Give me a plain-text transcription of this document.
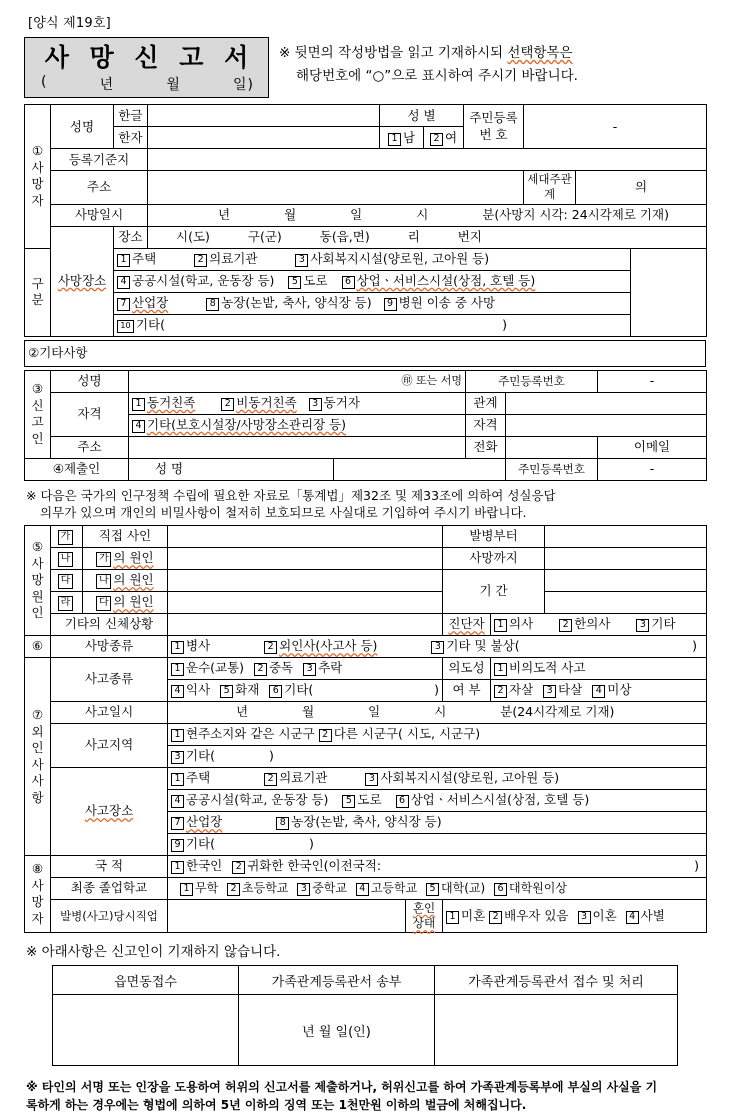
[양식 제19호]
사 망 신 고 서
(	년	월	일)
※ 뒷면의 작성방법을 읽고 기재하시되 선택항목은
해당번호에 “○”으로 표시하여 주시기 바랍니다.
①
사
망
자
	성명	한글		성 별	주민등록
번 호
	-
		한자		1 남	2 여			
	등록기준지							
	주소						세대주관계	의
	사망일시		년 월 일 시 분(사망지 시각: 24시각제로 기재)					
	사망장소	장소	시(도) 구(군) 동(읍,면) 리 번지					
구분		1 주택 2 의료기관 3 사회복지시설(양로원, 고아원 등)						
		4 공공시설(학교, 운동장 등) 5 도로 6 상업ㆍ서비스시설(상점, 호텔 등)						
		7 산업장 8 농장(논밭, 축사, 양식장 등) 9 병원 이송 중 사망						
		10 기타( )						
②기타사항
③
신
고
인	성명	㊞ 또는 서명		주민등록번호		-	
	자격	1 동거친족 2 비동거친족 3 동거자		관계			
		4 기타(보호시설장/사망장소관리장 등)		자격			
	주소			전화		이메일	
④제출인		성 명			주민등록번호	-	
※ 다음은 국가의 인구정책 수립에 필요한 자료로「통계법」제32조 및 제33조에 의하여 성실응답
의무가 있으며 개인의 비밀사항이 철저히 보호되므로 사실대로 기입하여 주시기 바랍니다.
⑤
사
망
원
인	가	직접 사인			발병부터		
	나	가 의 원인			사망까지		
	다	나 의 원인			기 간		
	라	다 의 원인					
	기타의 신체상황				진단자	1 의사 2 한의사 3 기타	
⑥	사망종류		1 병사 2 외인사(사고사 등) 3 기타 및 불상( )				

⑦
외
인
사
사
항
	사고종류	1 운수(교통) 2 중독 3 추락	의도성	1 비의도적 사고
			4 익사 5 화재 6 기타( )		여 부	2 자살 3 타살 4 미상	
	사고일시		년 월 일 시 분(24시각제로 기재)				
	사고지역		1 현주소지와 같은 시군구 2 다른 시군구( 시도, 시군구)				
			3 기타( )				
	사고장소		1 주택 2 의료기관 3 사회복지시설(양로원, 고아원 등)				
			4 공공시설(학교, 운동장 등) 5 도로 6 상업ㆍ서비스시설(상점, 호텔 등)				
			7 산업장 8 농장(논밭, 축사, 양식장 등)				
			9 기타( )				

⑧
사
망
자	국 적		1 한국인 2 귀화한 한국인(이전국적: )				

	최종 졸업학교		1 무학 2 초등학교 3 중학교 4 고등학교 5 대학(교) 6 대학원이상				
	발병(사고)당시직업			혼인상태	1 미혼 2 배우자 있음 3 이혼 4 사별		
※ 아래사항은 신고인이 기재하지 않습니다.
읍면동접수	가족관계등록관서 송부	가족관계등록관서 접수 및 처리
	년 월 일(인)	
※ 타인의 서명 또는 인장을 도용하여 허위의 신고서를 제출하거나, 허위신고를 하여 가족관계등록부에 부실의 사실을 기
록하게 하는 경우에는 형법에 의하여 5년 이하의 징역 또는 1천만원 이하의 벌금에 처해집니다.
